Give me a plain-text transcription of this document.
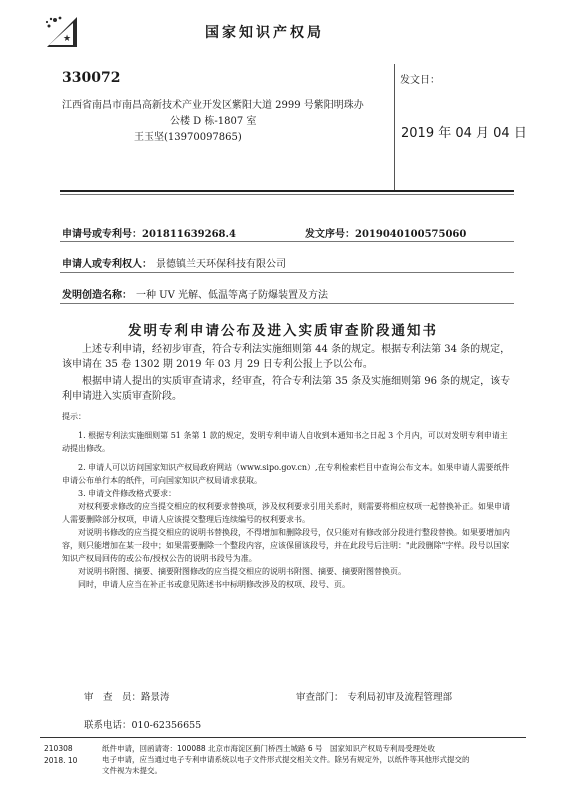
★	国家知识产权局
330072
江西省南昌市南昌高新技术产业开发区紫阳大道 2999 号紫阳明珠办
公楼 D 栋-1807 室
王玉坚(13970097865)
发文日：
2019 年 04 月 04 日
申请号或专利号：201811639268.4	发文序号：2019040100575060
申请人或专利权人： 景德镇兰天环保科技有限公司
发明创造名称： 一种 UV 光解、低温等离子防爆装置及方法
发明专利申请公布及进入实质审查阶段通知书
上述专利申请，经初步审查，符合专利法实施细则第 44 条的规定。根据专利法第 34 条的规定，该申请在 35 卷 1302 期 2019 年 03 月 29 日专利公报上予以公布。
根据申请人提出的实质审查请求，经审查，符合专利法第 35 条及实施细则第 96 条的规定，该专利申请进入实质审查阶段。

提示：

1. 根据专利法实施细则第 51 条第 1 款的规定，发明专利申请人自收到本通知书之日起 3 个月内，可以对发明专利申请主动提出修改。

2. 申请人可以访问国家知识产权局政府网站（www.sipo.gov.cn）,在专利检索栏目中查询公布文本。如果申请人需要纸件申请公布单行本的纸件，可向国家知识产权局请求获取。

3. 申请文件修改格式要求：

对权利要求修改的应当提交相应的权利要求替换项，涉及权利要求引用关系时，则需要将相应权项一起替换补正。如果申请人需要删除部分权项，申请人应该提交整理后连续编号的权利要求书。

对说明书修改的应当提交相应的说明书替换段，不得增加和删除段号，仅只能对有修改部分段进行整段替换。如果要增加内容，则只能增加在某一段中；如果需要删除一个整段内容，应该保留该段号，并在此段号后注明："此段删除"字样。段号以国家知识产权局回传的或公布/授权公告的说明书段号为准。

对说明书附图、摘要、摘要附图修改的应当提交相应的说明书附图、摘要、摘要附图替换页。

同时，申请人应当在补正书或意见陈述书中标明修改涉及的权项、段号、页。

审　查　员：路景涛	审查部门： 专利局初审及流程管理部
联系电话：010-62356655
210308
2018. 10
纸件申请，回函请寄：100088 北京市海淀区蓟门桥西土城路 6 号　国家知识产权局专利局受理处收
电子申请，应当通过电子专利申请系统以电子文件形式提交相关文件。除另有规定外，以纸件等其他形式提交的
文件视为未提交。
